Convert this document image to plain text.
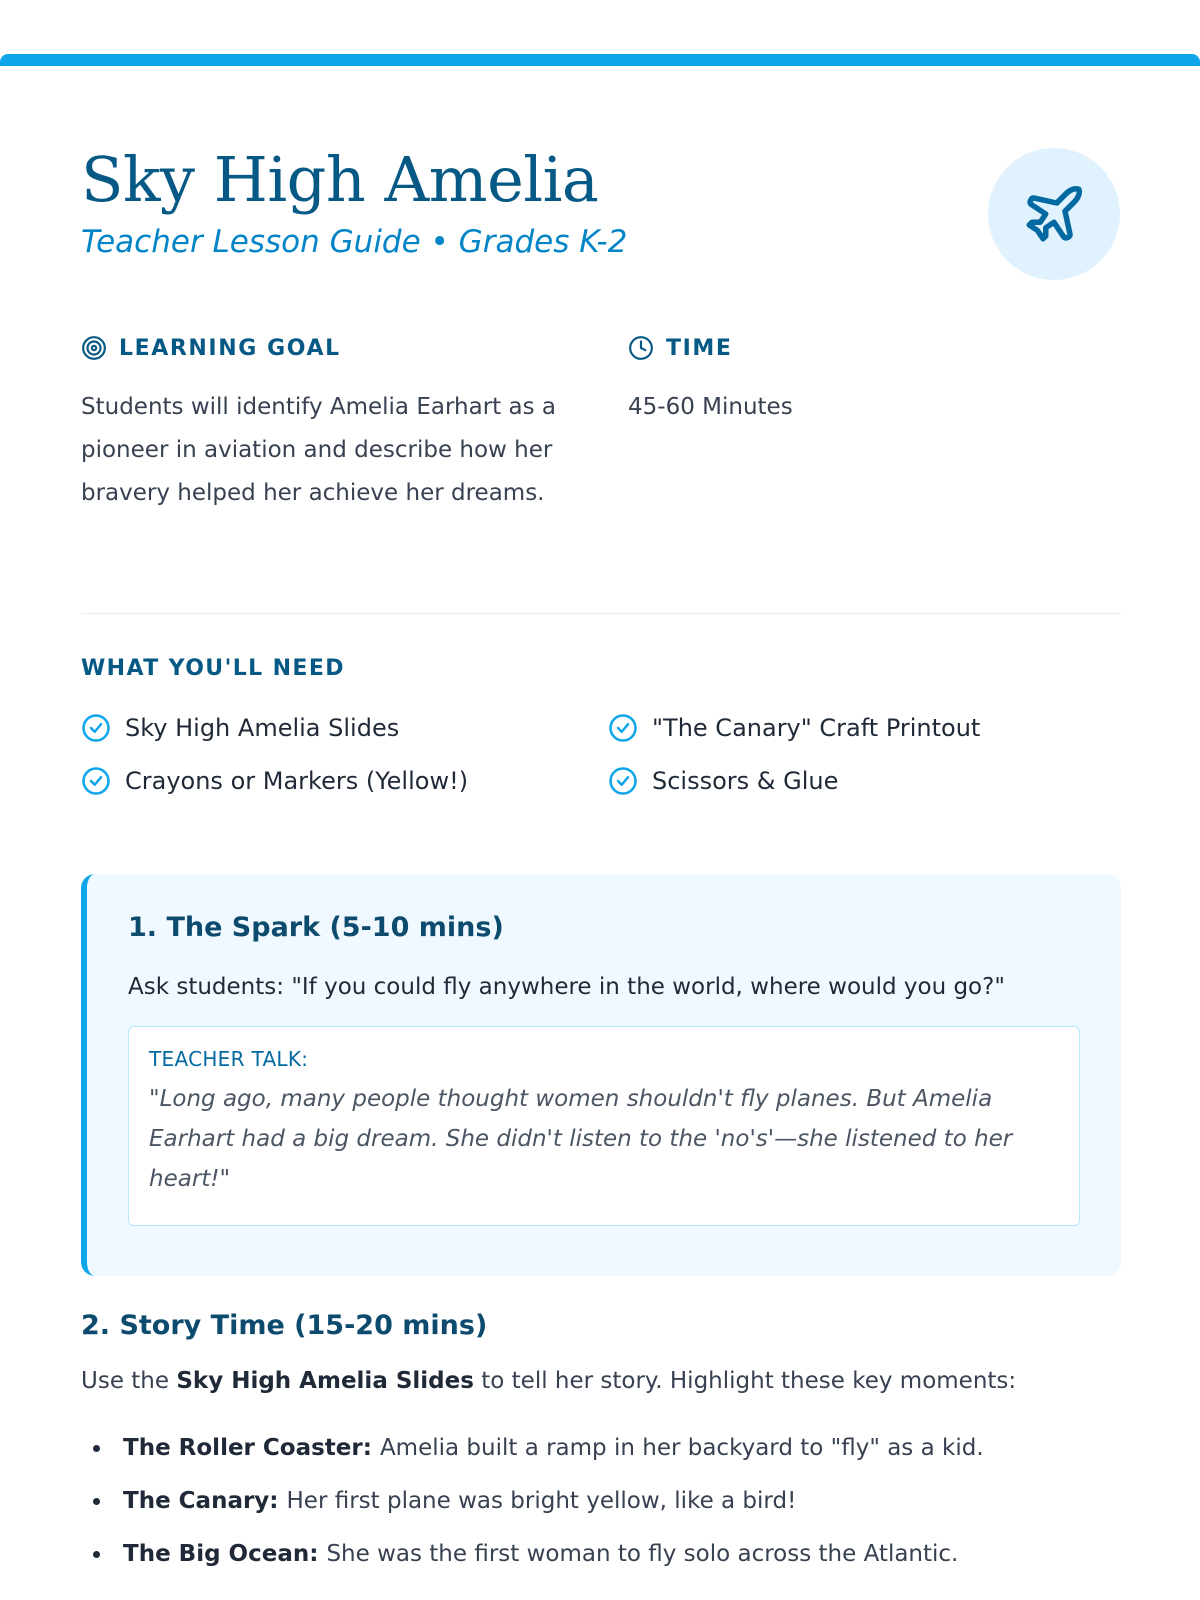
Sky High Amelia
Teacher Lesson Guide • Grades K-2
LEARNING GOAL
Students will identify Amelia Earhart as a pioneer in aviation and describe how her bravery helped her achieve her dreams.
TIME
45-60 Minutes
WHAT YOU'LL NEED
Sky High Amelia Slides	"The Canary" Craft Printout
Crayons or Markers (Yellow!)	Scissors & Glue
1. The Spark (5-10 mins)
Ask students: "If you could fly anywhere in the world, where would you go?"
TEACHER TALK:
"Long ago, many people thought women shouldn't fly planes. But Amelia Earhart had a big dream. She didn't listen to the 'no's'—she listened to her heart!"
2. Story Time (15-20 mins)
Use the Sky High Amelia Slides to tell her story. Highlight these key moments:
The Roller Coaster: Amelia built a ramp in her backyard to "fly" as a kid.
The Canary: Her first plane was bright yellow, like a bird!
The Big Ocean: She was the first woman to fly solo across the Atlantic.
